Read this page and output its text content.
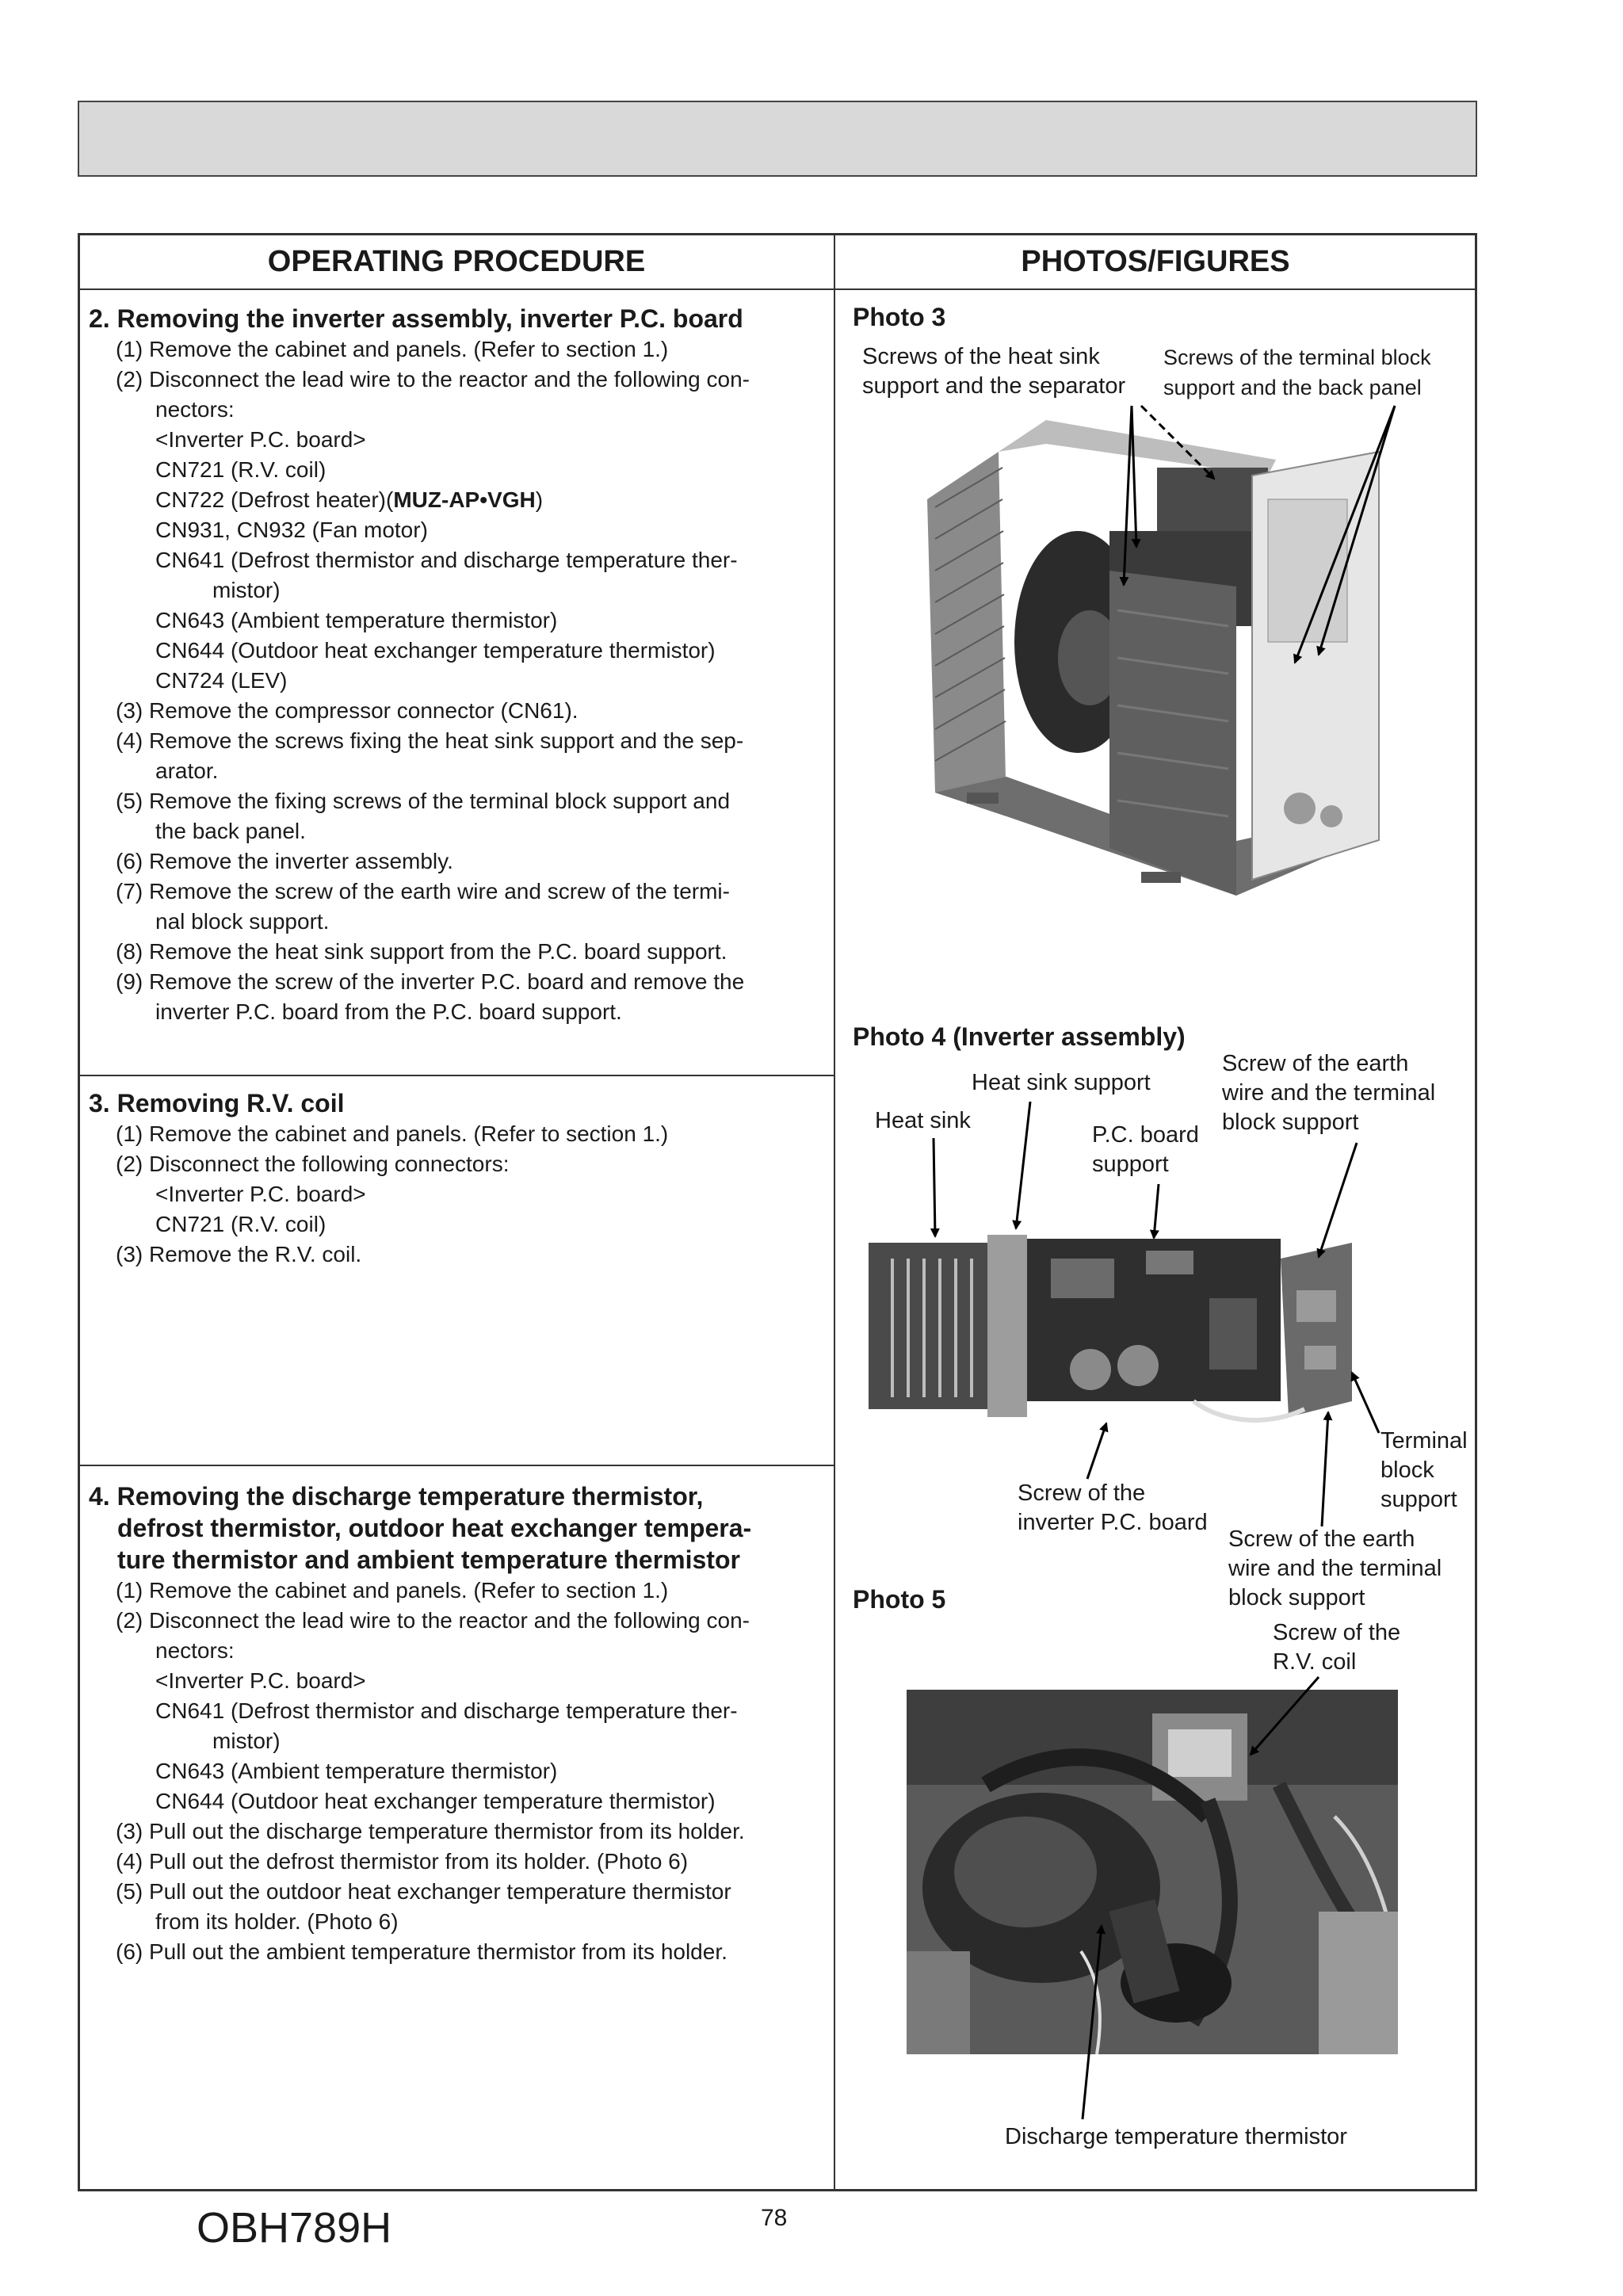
OPERATING PROCEDURE	PHOTOS/FIGURES
2. Removing the inverter assembly, inverter P.C. board
(1) Remove the cabinet and panels. (Refer to section 1.)
(2) Disconnect the lead wire to the reactor and the following con-
nectors:
<Inverter P.C. board>
CN721 (R.V. coil)
CN722 (Defrost heater)(MUZ-AP•VGH)
CN931, CN932 (Fan motor)
CN641 (Defrost thermistor and discharge temperature ther-
mistor)
CN643 (Ambient temperature thermistor)
CN644 (Outdoor heat exchanger temperature thermistor)
CN724 (LEV)
(3) Remove the compressor connector (CN61).
(4) Remove the screws fixing the heat sink support and the sep-
arator.
(5) Remove the fixing screws of the terminal block support and
the back panel.
(6) Remove the inverter assembly.
(7) Remove the screw of the earth wire and screw of the termi-
nal block support.
(8) Remove the heat sink support from the P.C. board support.
(9) Remove the screw of the inverter P.C. board and remove the
inverter P.C. board from the P.C. board support.
3. Removing R.V. coil
(1) Remove the cabinet and panels. (Refer to section 1.)
(2) Disconnect the following connectors:
<Inverter P.C. board>
CN721 (R.V. coil)
(3) Remove the R.V. coil.
4. Removing the discharge temperature thermistor,
defrost thermistor, outdoor heat exchanger tempera-
ture thermistor and ambient temperature thermistor
(1) Remove the cabinet and panels. (Refer to section 1.)
(2) Disconnect the lead wire to the reactor and the following con-
nectors:
<Inverter P.C. board>
CN641 (Defrost thermistor and discharge temperature ther-
mistor)
CN643 (Ambient temperature thermistor)
CN644 (Outdoor heat exchanger temperature thermistor)
(3) Pull out the discharge temperature thermistor from its holder.
(4) Pull out the defrost thermistor from its holder. (Photo 6)
(5) Pull out the outdoor heat exchanger temperature thermistor
from its holder. (Photo 6)
(6) Pull out the ambient temperature thermistor from its holder.
Photo 3
Screws of the heat sink
support and the separator
Screws of the terminal block
support and the back panel
Photo 4 (Inverter assembly)
Heat sink support
Heat sink
P.C. board
support
Screw of the earth
wire and the terminal
block support
Terminal
block
support
Screw of the
inverter P.C. board
Screw of the earth
wire and the terminal
block support
Photo 5
Screw of the
R.V. coil
Discharge temperature thermistor
OBH789H	78
